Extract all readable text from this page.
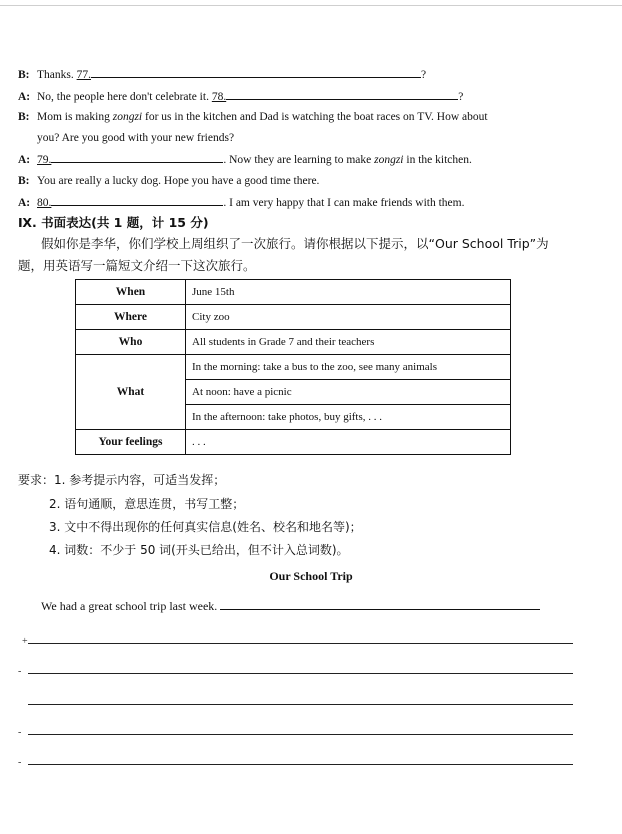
B: Thanks. 77.	?
A: No, the people here don't celebrate it. 78.	?
B: Mom is making zongzi for us in the kitchen and Dad is watching the boat races on TV. How about
you? Are you good with your new friends?
A: 79.	. Now they are learning to make zongzi in the kitchen.
B: You are really a lucky dog. Hope you have a good time there.
A: 80.	. I am very happy that I can make friends with them.
Ⅸ. 书面表达(共 1 题，计 15 分)
假如你是李华，你们学校上周组织了一次旅行。请你根据以下提示，以“Our School Trip”为
题，用英语写一篇短文介绍一下这次旅行。
When	June 15th
Where	City zoo
Who	All students in Grade 7 and their teachers
What	In the morning: take a bus to the zoo, see many animals
	At noon: have a picnic
	In the afternoon: take photos, buy gifts, . . .
Your feelings	. . .
要求：1. 参考提示内容，可适当发挥；
2. 语句通顺，意思连贯，书写工整；
3. 文中不得出现你的任何真实信息(姓名、校名和地名等)；
4. 词数：不少于 50 词(开头已给出，但不计入总词数)。
Our School Trip
We had a great school trip last week.
+
-
-
-
